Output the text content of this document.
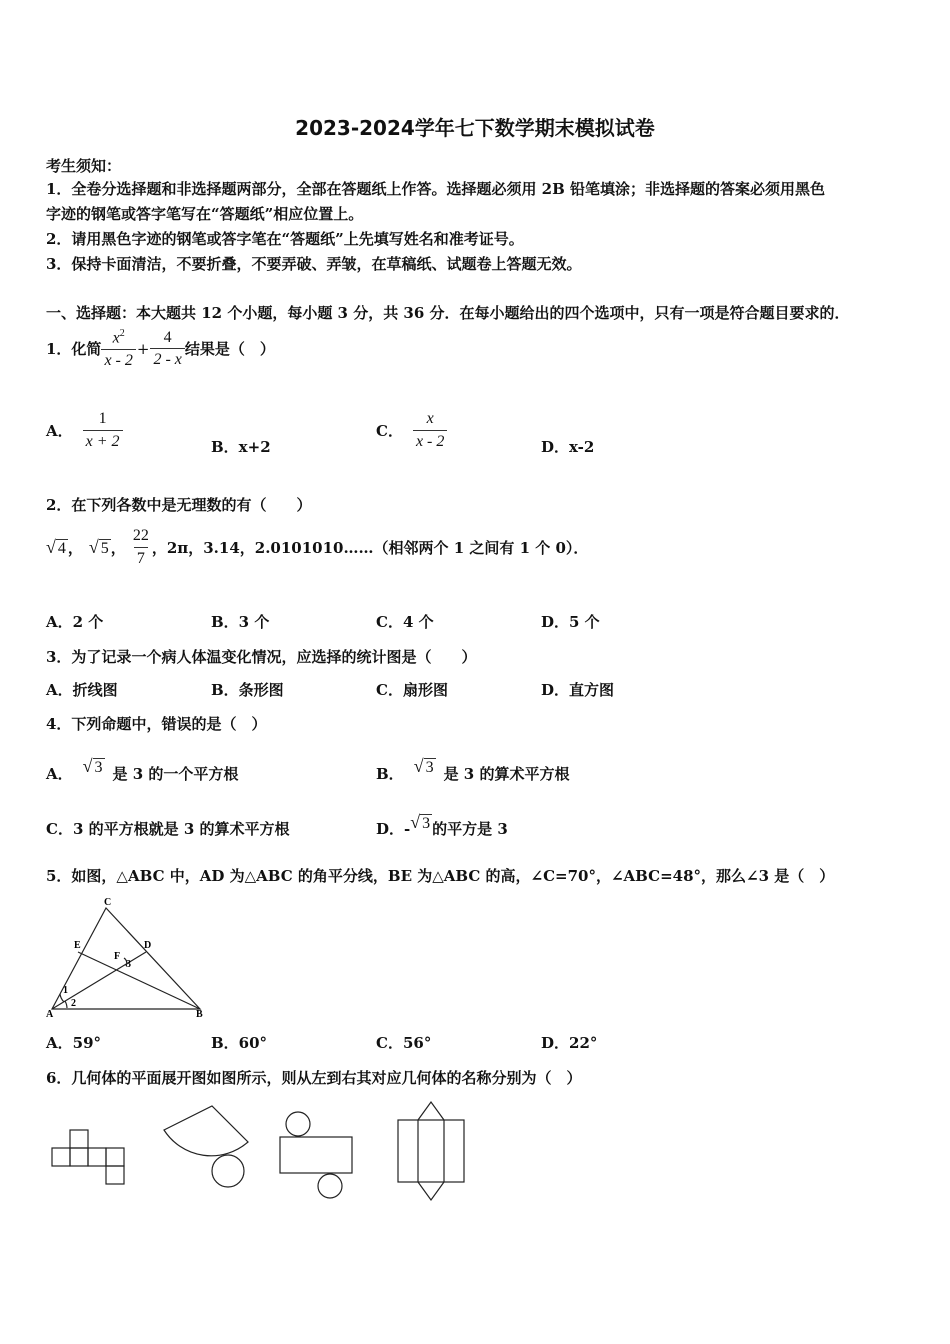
2023-2024学年七下数学期末模拟试卷
考生须知：
1．全卷分选择题和非选择题两部分，全部在答题纸上作答。选择题必须用 2B 铅笔填涂；非选择题的答案必须用黑色
字迹的钢笔或答字笔写在“答题纸”相应位置上。
2．请用黑色字迹的钢笔或答字笔在“答题纸”上先填写姓名和准考证号。
3．保持卡面清洁，不要折叠，不要弄破、弄皱，在草稿纸、试题卷上答题无效。
一、选择题：本大题共 12 个小题，每小题 3 分，共 36 分．在每小题给出的四个选项中，只有一项是符合题目要求的．
1．化简 $\frac{x^2}{x - 2} + \frac{4}{2 - x}$ 结果是（　）
A． $\frac{1}{x + 2}$	B．x+2
C． $\frac{x}{x - 2}$	D．x-2
2．在下列各数中是无理数的有（　　）
√ 4 ， √ 5 ， $\frac{22}{7}$ ，2π，3.14，2.0101010……（相邻两个 1 之间有 1 个 0）．
A．2 个	B．3 个	C．4 个	D．5 个
3．为了记录一个病人体温变化情况，应选择的统计图是（　　）
A．折线图	B．条形图	C．扇形图	D．直方图
4．下列命题中，错误的是（　）
A． √ 3 是 3 的一个平方根	B． √ 3 是 3 的算术平方根
C．3 的平方根就是 3 的算术平方根	D．- √ 3 的平方是 3
5．如图，△ABC 中，AD 为△ABC 的角平分线，BE 为△ABC 的高，∠C=70°，∠ABC=48°，那么∠3 是（　）
C
E	D
F
3
1
2
A	B
A．59°	B．60°	C．56°	D．22°
6．几何体的平面展开图如图所示，则从左到右其对应几何体的名称分别为（　）
